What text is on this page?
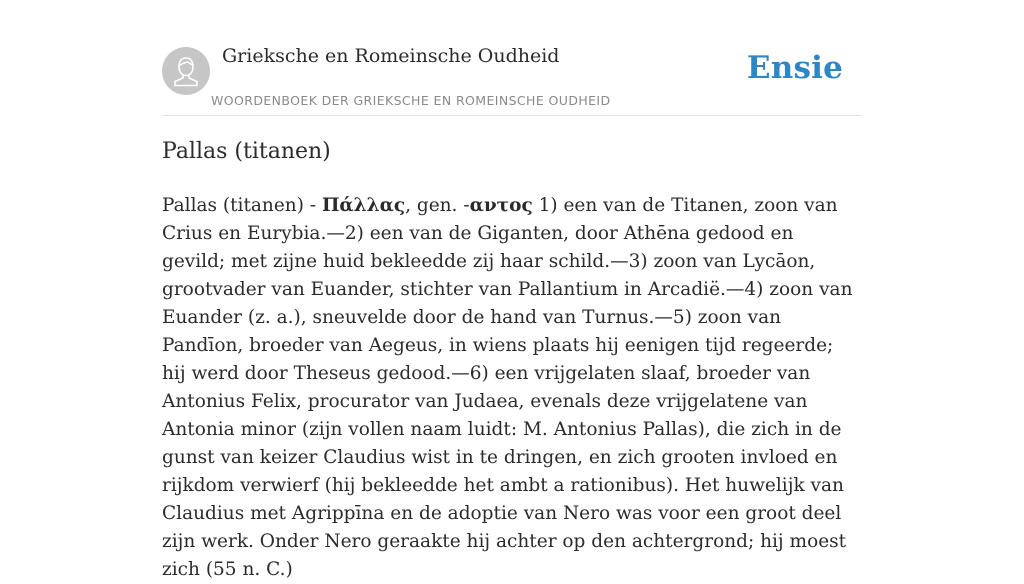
Grieksche en Romeinsche Oudheid
WOORDENBOEK DER GRIEKSCHE EN ROMEINSCHE OUDHEID
Ensie
Pallas (titanen)

Pallas (titanen) - Πάλλας, gen. -αντος 1) een van de Titanen, zoon van Crius en Eurybia.—2) een van de Giganten, door Athēna gedood en gevild; met zijne huid bekleedde zij haar schild.—3) zoon van Lycāon, grootvader van Euander, stichter van Pallantium in Arcadië.—4) zoon van Euander (z. a.), sneuvelde door de hand van Turnus.—5) zoon van Pandīon, broeder van Aegeus, in wiens plaats hij eenigen tijd regeerde; hij werd door Theseus gedood.—6) een vrijgelaten slaaf, broeder van Antonius Felix, procurator van Judaea, evenals deze vrijgelatene van Antonia minor (zijn vollen naam luidt: M. Antonius Pallas), die zich in de gunst van keizer Claudius wist in te dringen, en zich grooten invloed en rijkdom verwierf (hij bekleedde het ambt a rationibus). Het huwelijk van Claudius met Agrippīna en de adoptie van Nero was voor een groot deel zijn werk. Onder Nero geraakte hij achter op den achtergrond; hij moest zich (55 n. C.)
